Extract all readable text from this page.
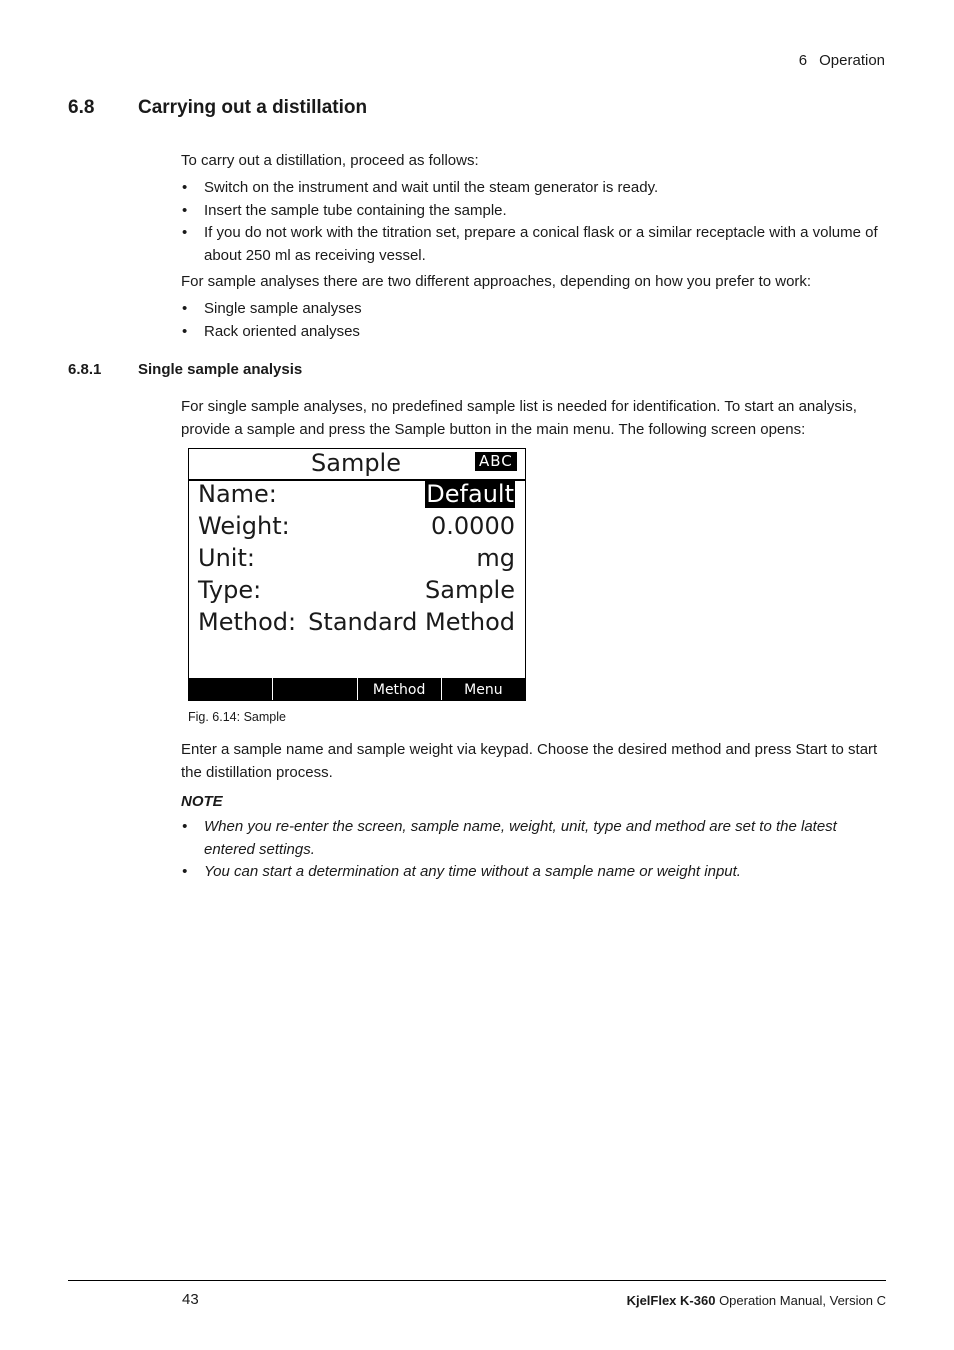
6 Operation
6.8 Carrying out a distillation
To carry out a distillation, proceed as follows:
• Switch on the instrument and wait until the steam generator is ready.
• Insert the sample tube containing the sample.
• If you do not work with the titration set, prepare a conical flask or a similar receptacle with a volume of about 250 ml as receiving vessel.
For sample analyses there are two different approaches, depending on how you prefer to work:
• Single sample analyses
• Rack oriented analyses
6.8.1 Single sample analysis
For single sample analyses, no predefined sample list is needed for identification. To start an analysis, provide a sample and press the Sample button in the main menu. The following screen opens:
Sample	ABC
Name:	Default
Weight:	0.0000
Unit:	mg
Type:	Sample
Method: Standard Method
Method	Menu
Fig. 6.14: Sample
Enter a sample name and sample weight via keypad. Choose the desired method and press Start to start the distillation process.
NOTE
• When you re-enter the screen, sample name, weight, unit, type and method are set to the latest entered settings.
• You can start a determination at any time without a sample name or weight input.
43	KjelFlex K-360 Operation Manual, Version C
